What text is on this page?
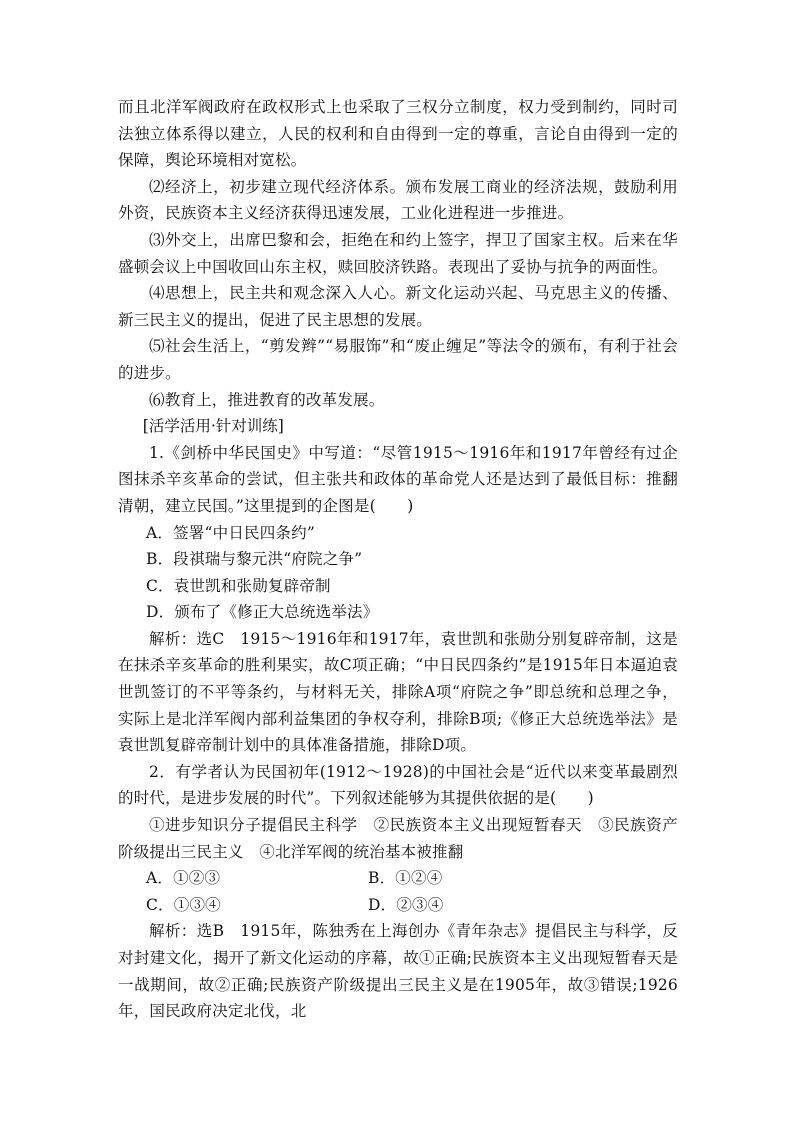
而且北洋军阀政府在政权形式上也采取了三权分立制度，权力受到制约，同时司法独立体系得以建立，人民的权利和自由得到一定的尊重，言论自由得到一定的保障，舆论环境相对宽松。

⑵经济上，初步建立现代经济体系。颁布发展工商业的经济法规，鼓励利用外资，民族资本主义经济获得迅速发展，工业化进程进一步推进。

⑶外交上，出席巴黎和会，拒绝在和约上签字，捍卫了国家主权。后来在华盛顿会议上中国收回山东主权，赎回胶济铁路。表现出了妥协与抗争的两面性。

⑷思想上，民主共和观念深入人心。新文化运动兴起、马克思主义的传播、新三民主义的提出，促进了民主思想的发展。

⑸社会生活上，“剪发辫”“易服饰”和“废止缠足”等法令的颁布，有利于社会的进步。

⑹教育上，推进教育的改革发展。

[活学活用·针对训练]

1.《剑桥中华民国史》中写道：“尽管1915～1916年和1917年曾经有过企图抹杀辛亥革命的尝试，但主张共和政体的革命党人还是达到了最低目标：推翻清朝，建立民国。”这里提到的企图是(　　)

A．签署“中日民四条约”

B．段祺瑞与黎元洪“府院之争”

C．袁世凯和张勋复辟帝制

D．颁布了《修正大总统选举法》

解析：选C　1915～1916年和1917年，袁世凯和张勋分别复辟帝制，这是在抹杀辛亥革命的胜利果实，故C项正确；“中日民四条约”是1915年日本逼迫袁世凯签订的不平等条约，与材料无关，排除A项“府院之争”即总统和总理之争，实际上是北洋军阀内部利益集团的争权夺利，排除B项;《修正大总统选举法》是袁世凯复辟帝制计划中的具体准备措施，排除D项。

2．有学者认为民国初年(1912～1928)的中国社会是“近代以来变革最剧烈的时代，是进步发展的时代”。下列叙述能够为其提供依据的是(　　)

①进步知识分子提倡民主科学　②民族资本主义出现短暂春天　③民族资产阶级提出三民主义　④北洋军阀的统治基本被推翻

A．①②③	B．①②④
C．①③④	D．②③④

解析：选B　1915年，陈独秀在上海创办《青年杂志》提倡民主与科学，反对封建文化，揭开了新文化运动的序幕，故①正确;民族资本主义出现短暂春天是一战期间，故②正确;民族资产阶级提出三民主义是在1905年，故③错误;1926年，国民政府决定北伐，北
